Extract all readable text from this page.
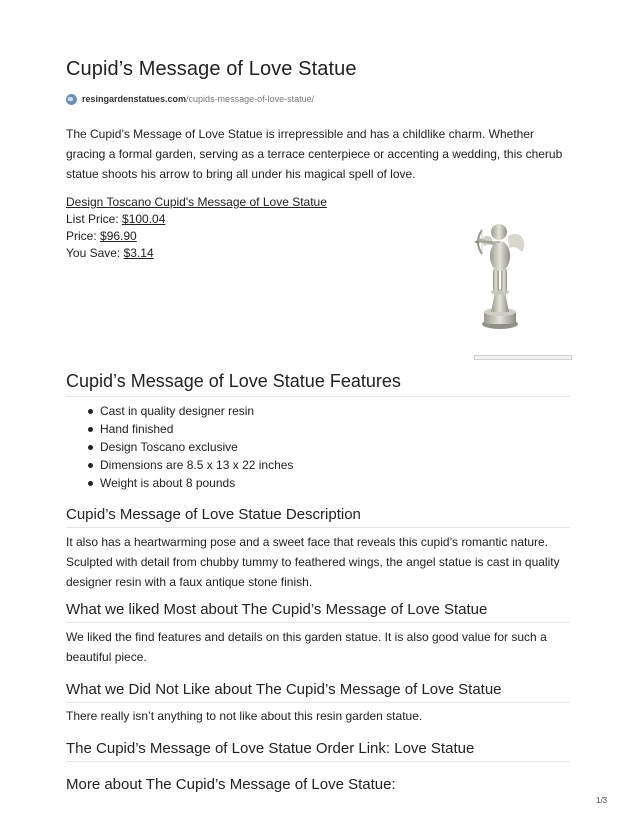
Cupid’s Message of Love Statue
resingardenstatues.com /cupids-message-of-love-statue/

The Cupid’s Message of Love Statue is irrepressible and has a childlike charm. Whether gracing a formal garden, serving as a terrace centerpiece or accenting a wedding, this cherub statue shoots his arrow to bring all under his magical spell of love.

Design Toscano Cupid's Message of Love Statue
List Price: $100.04
Price: $96.90
You Save: $3.14
Cupid’s Message of Love Statue Features
Cast in quality designer resin
Hand finished
Design Toscano exclusive
Dimensions are 8.5 x 13 x 22 inches
Weight is about 8 pounds
Cupid’s Message of Love Statue Description

It also has a heartwarming pose and a sweet face that reveals this cupid’s romantic nature. Sculpted with detail from chubby tummy to feathered wings, the angel statue is cast in quality designer resin with a faux antique stone finish.

What we liked Most about The Cupid’s Message of Love Statue

We liked the find features and details on this garden statue. It is also good value for such a beautiful piece.

What we Did Not Like about The Cupid’s Message of Love Statue

There really isn’t anything to not like about this resin garden statue.

The Cupid’s Message of Love Statue Order Link: Love Statue
More about The Cupid’s Message of Love Statue:
1/3
